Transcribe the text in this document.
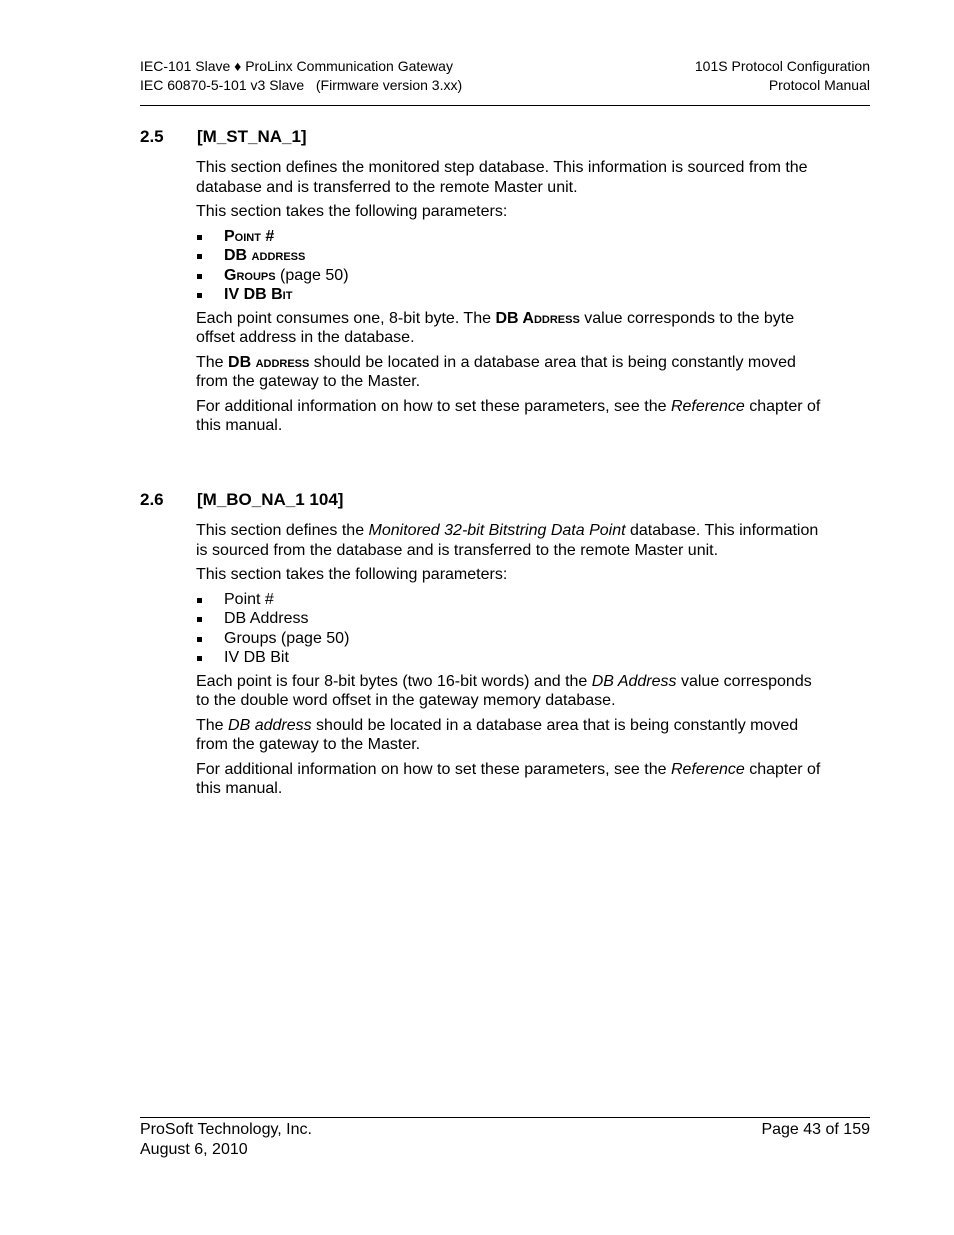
IEC-101 Slave ♦ ProLinx Communication Gateway
IEC 60870-5-101 v3 Slave   (Firmware version 3.xx)
101S Protocol Configuration
Protocol Manual
2.5 [M_ST_NA_1]

This section defines the monitored step database. This information is sourced from the database and is transferred to the remote Master unit.

This section takes the following parameters:

Point #
DB address
Groups (page 50)
IV DB Bit

Each point consumes one, 8-bit byte. The DB Address value corresponds to the byte offset address in the database.

The DB address should be located in a database area that is being constantly moved from the gateway to the Master.

For additional information on how to set these parameters, see the Reference chapter of this manual.

2.6 [M_BO_NA_1 104]

This section defines the Monitored 32-bit Bitstring Data Point database. This information is sourced from the database and is transferred to the remote Master unit.

This section takes the following parameters:

Point #
DB Address
Groups (page 50)
IV DB Bit

Each point is four 8-bit bytes (two 16-bit words) and the DB Address value corresponds to the double word offset in the gateway memory database.

The DB address should be located in a database area that is being constantly moved from the gateway to the Master.

For additional information on how to set these parameters, see the Reference chapter of this manual.

ProSoft Technology, Inc.
August 6, 2010
Page 43 of 159
